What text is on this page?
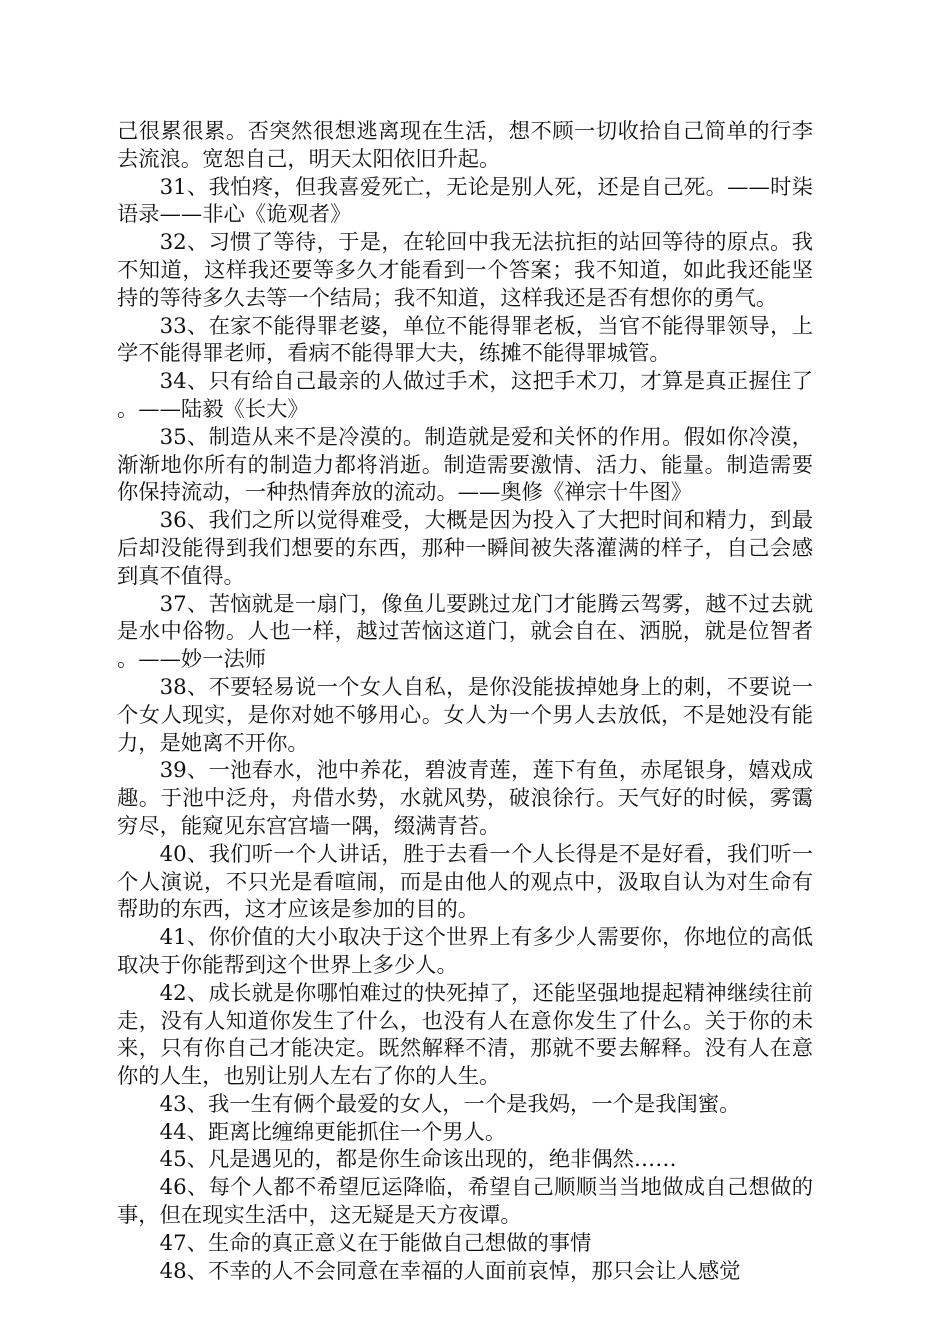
己很累很累。否突然很想逃离现在生活，想不顾一切收拾自己简单的行李去流浪。宽恕自己，明天太阳依旧升起。

31、我怕疼，但我喜爱死亡，无论是别人死，还是自己死。——时柒语录——非心《诡观者》

32、习惯了等待，于是，在轮回中我无法抗拒的站回等待的原点。我不知道，这样我还要等多久才能看到一个答案；我不知道，如此我还能坚持的等待多久去等一个结局；我不知道，这样我还是否有想你的勇气。

33、在家不能得罪老婆，单位不能得罪老板，当官不能得罪领导，上学不能得罪老师，看病不能得罪大夫，练摊不能得罪城管。

34、只有给自己最亲的人做过手术，这把手术刀，才算是真正握住了。——陆毅《长大》

35、制造从来不是冷漠的。制造就是爱和关怀的作用。假如你冷漠，渐渐地你所有的制造力都将消逝。制造需要激情、活力、能量。制造需要你保持流动，一种热情奔放的流动。——奥修《禅宗十牛图》

36、我们之所以觉得难受，大概是因为投入了大把时间和精力，到最后却没能得到我们想要的东西，那种一瞬间被失落灌满的样子，自己会感到真不值得。

37、苦恼就是一扇门，像鱼儿要跳过龙门才能腾云驾雾，越不过去就是水中俗物。人也一样，越过苦恼这道门，就会自在、洒脱，就是位智者。——妙一法师

38、不要轻易说一个女人自私，是你没能拔掉她身上的刺，不要说一个女人现实，是你对她不够用心。女人为一个男人去放低，不是她没有能力，是她离不开你。

39、一池春水，池中养花，碧波青莲，莲下有鱼，赤尾银身，嬉戏成趣。于池中泛舟，舟借水势，水就风势，破浪徐行。天气好的时候，雾霭穷尽，能窥见东宫宫墙一隅，缀满青苔。

40、我们听一个人讲话，胜于去看一个人长得是不是好看，我们听一个人演说，不只光是看喧闹，而是由他人的观点中，汲取自认为对生命有帮助的东西，这才应该是参加的目的。

41、你价值的大小取决于这个世界上有多少人需要你，你地位的高低取决于你能帮到这个世界上多少人。

42、成长就是你哪怕难过的快死掉了，还能坚强地提起精神继续往前走，没有人知道你发生了什么，也没有人在意你发生了什么。关于你的未来，只有你自己才能决定。既然解释不清，那就不要去解释。没有人在意你的人生，也别让别人左右了你的人生。

43、我一生有俩个最爱的女人，一个是我妈，一个是我闺蜜。

44、距离比缠绵更能抓住一个男人。

45、凡是遇见的，都是你生命该出现的，绝非偶然……

46、每个人都不希望厄运降临，希望自己顺顺当当地做成自己想做的事，但在现实生活中，这无疑是天方夜谭。

47、生命的真正意义在于能做自己想做的事情

48、不幸的人不会同意在幸福的人面前哀悼，那只会让人感觉
